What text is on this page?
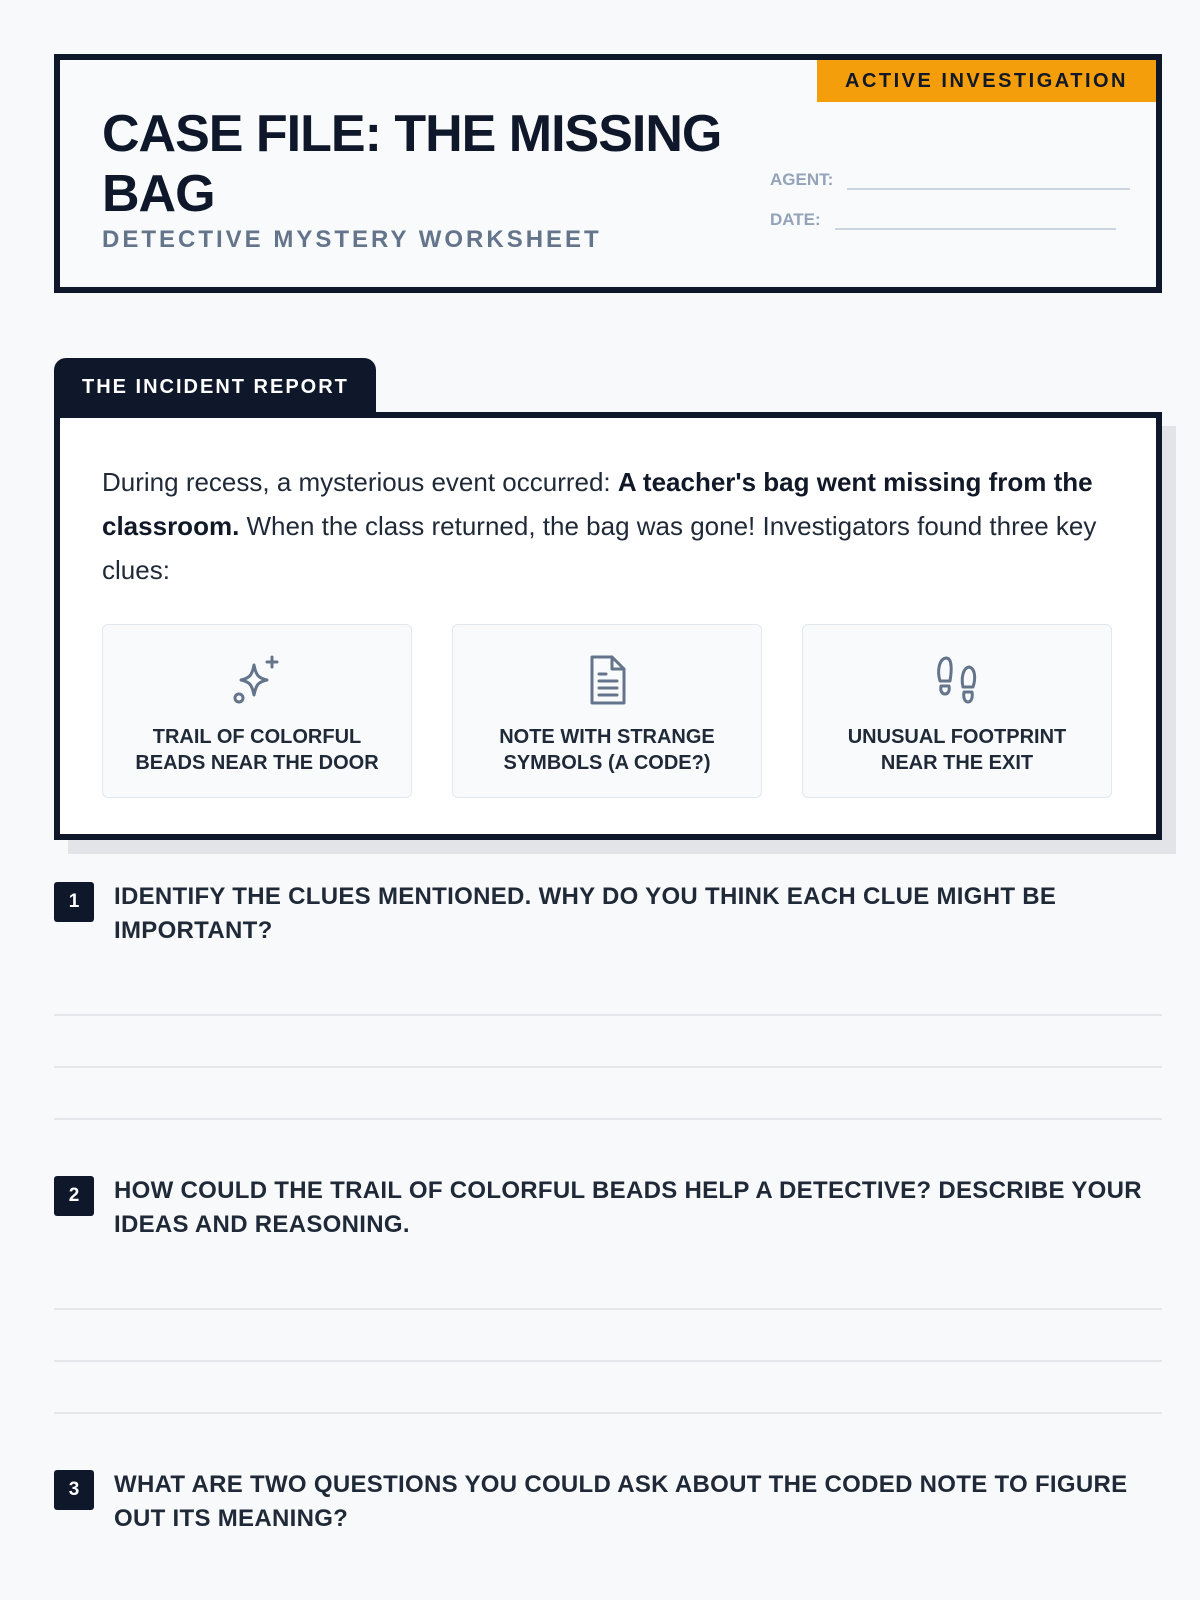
ACTIVE INVESTIGATION
CASE FILE: THE MISSING BAG
DETECTIVE MYSTERY WORKSHEET
AGENT:
DATE:
THE INCIDENT REPORT

During recess, a mysterious event occurred: A teacher's bag went missing from the classroom. When the class returned, the bag was gone! Investigators found three key clues:

TRAIL OF COLORFUL BEADS NEAR THE DOOR
NOTE WITH STRANGE SYMBOLS (A CODE?)
UNUSUAL FOOTPRINT NEAR THE EXIT
1	IDENTIFY THE CLUES MENTIONED. WHY DO YOU THINK EACH CLUE MIGHT BE IMPORTANT?
2	HOW COULD THE TRAIL OF COLORFUL BEADS HELP A DETECTIVE? DESCRIBE YOUR IDEAS AND REASONING.
3	WHAT ARE TWO QUESTIONS YOU COULD ASK ABOUT THE CODED NOTE TO FIGURE OUT ITS MEANING?
